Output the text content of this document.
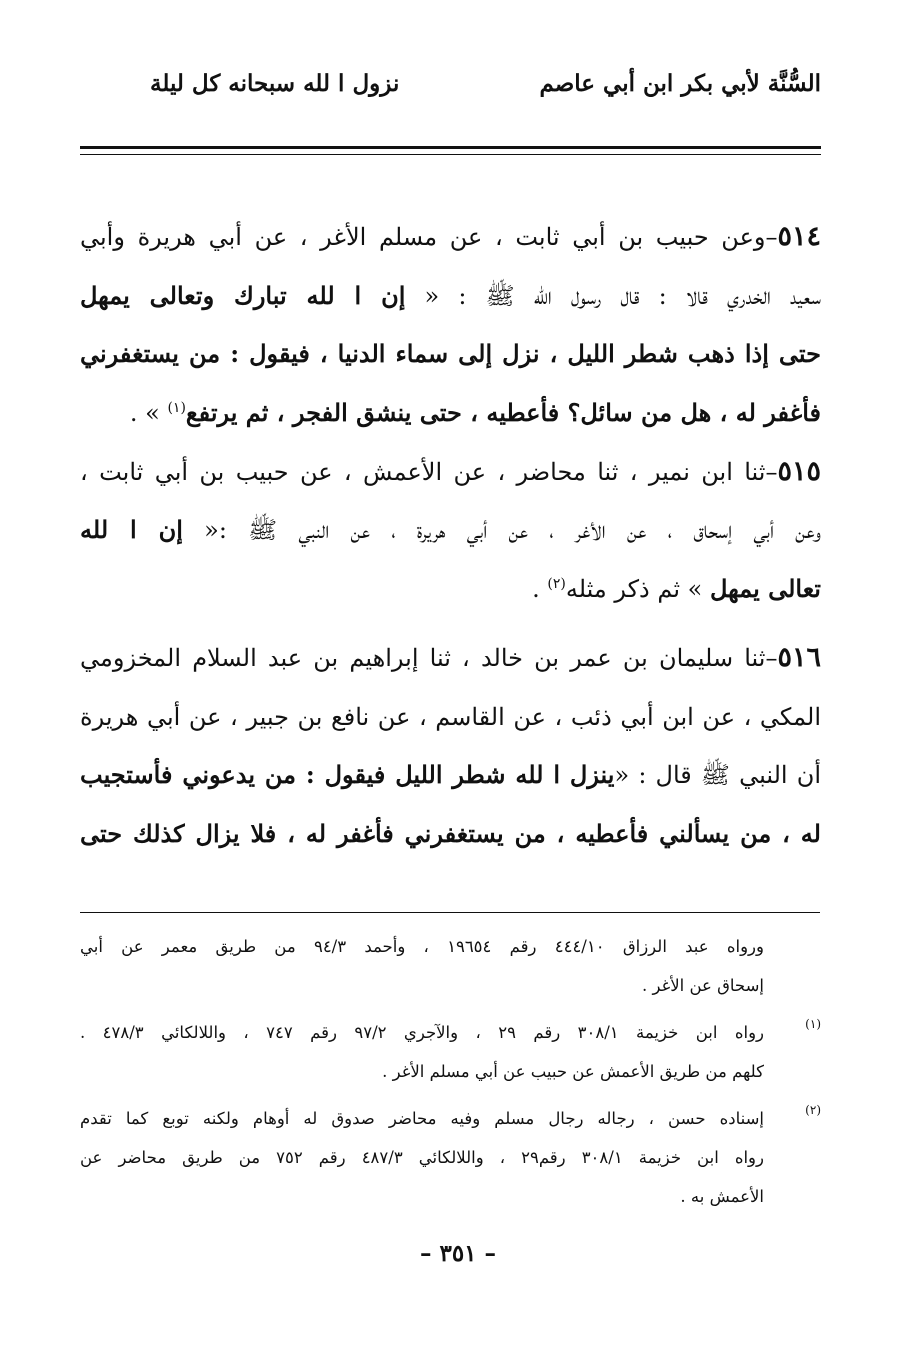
السُّنَّة لأبي بكر ابن أبي عاصم
نزول ا لله سبحانه كل ليلة
٥١٤–وعن حبيب بن أبي ثابت ، عن مسلم الأغر ، عن أبي هريرة وأبي
سعيد الخدري قالا : قال رسول الله ﷺ : « إن ا لله تبارك وتعالى يمهل
حتى إذا ذهب شطر الليل ، نزل إلى سماء الدنيا ، فيقول : من يستغفرني
فأغفر له ، هل من سائل؟ فأعطيه ، حتى ينشق الفجر ، ثم يرتفع$^{(١)}$ » .
٥١٥–ثنا ابن نمير ، ثنا محاضر ، عن الأعمش ، عن حبيب بن أبي ثابت ،
وعن أبي إسحاق ، عن الأغر ، عن أبي هريرة ، عن النبي ﷺ :« إن ا لله
تعالى يمهل » ثم ذكر مثله$^{(٢)}$ .
٥١٦–ثنا سليمان بن عمر بن خالد ، ثنا إبراهيم بن عبد السلام المخزومي
المكي ، عن ابن أبي ذئب ، عن القاسم ، عن نافع بن جبير ، عن أبي هريرة
أن النبي ﷺ قال : «ينزل ا لله شطر الليل فيقول : من يدعوني فأستجيب
له ، من يسألني فأعطيه ، من يستغفرني فأغفر له ، فلا يزال كذلك حتى
ورواه عبد الرزاق ٤٤٤/١٠ رقم ١٩٦٥٤ ، وأحمد ٩٤/٣ من طريق معمر عن أبي
إسحاق عن الأغر .
(١)
رواه ابن خزيمة ٣٠٨/١ رقم ٢٩ ، والآجري ٩٧/٢ رقم ٧٤٧ ، واللالكائي ٤٧٨/٣ .
كلهم من طريق الأعمش عن حبيب عن أبي مسلم الأغر .
(٢)
إسناده حسن ، رجاله رجال مسلم وفيه محاضر صدوق له أوهام ولكنه توبع كما تقدم
رواه ابن خزيمة ٣٠٨/١ رقم٢٩ ، واللالكائي ٤٨٧/٣ رقم ٧٥٢ من طريق محاضر عن
الأعمش به .
– ٣٥١ –
